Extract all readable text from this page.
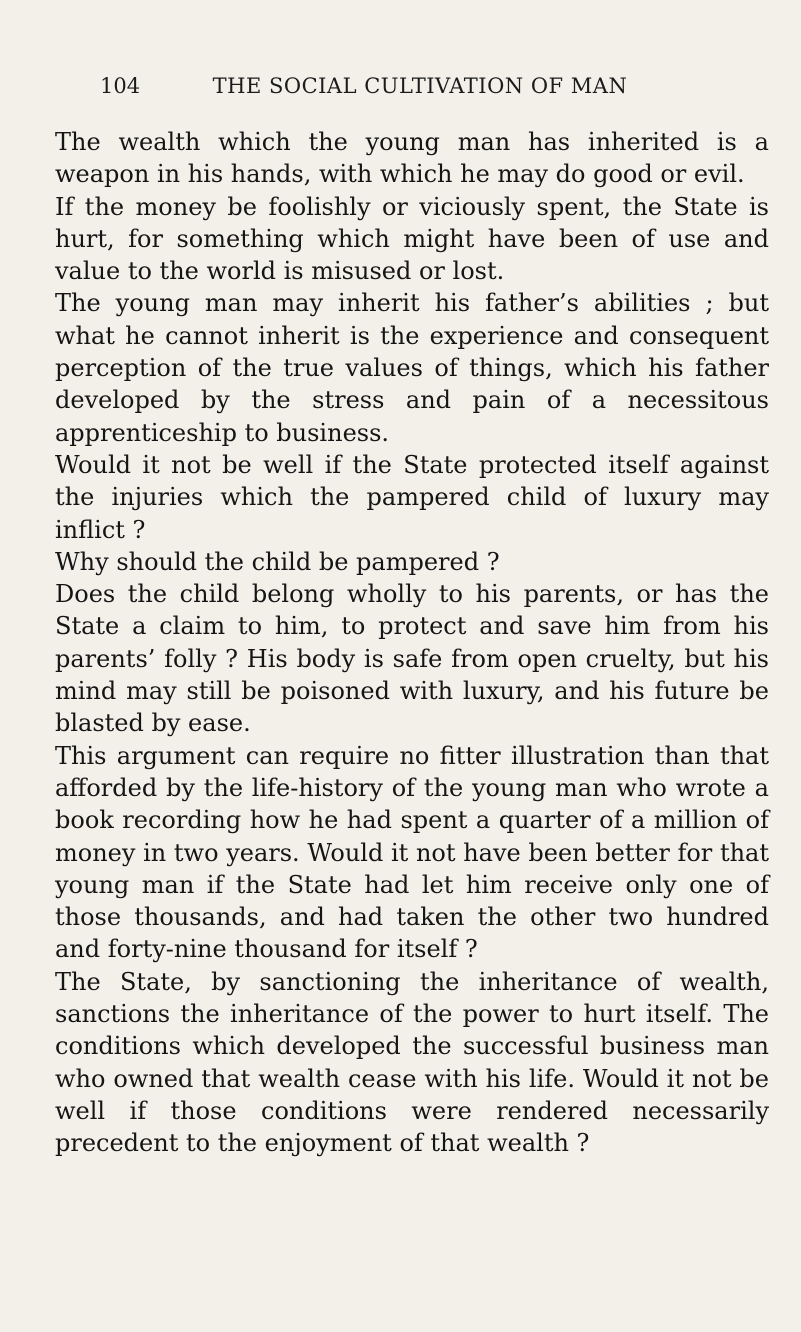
104	THE SOCIAL CULTIVATION OF MAN

The wealth which the young man has inherited is a weapon in his hands, with which he may do good or evil.

If the money be foolishly or viciously spent, the State is hurt, for something which might have been of use and value to the world is misused or lost.

The young man may inherit his father’s abilities ; but what he cannot inherit is the experience and consequent perception of the true values of things, which his father developed by the stress and pain of a necessitous apprenticeship to business.

Would it not be well if the State protected itself against the injuries which the pampered child of luxury may inflict ?

Why should the child be pampered ?

Does the child belong wholly to his parents, or has the State a claim to him, to protect and save him from his parents’ folly ? His body is safe from open cruelty, but his mind may still be poisoned with luxury, and his future be blasted by ease.

This argument can require no fitter illustration than that afforded by the life-history of the young man who wrote a book recording how he had spent a quarter of a million of money in two years. Would it not have been better for that young man if the State had let him receive only one of those thousands, and had taken the other two hundred and forty-nine thousand for itself ?

The State, by sanctioning the inheritance of wealth, sanctions the inheritance of the power to hurt itself. The conditions which developed the successful business man who owned that wealth cease with his life. Would it not be well if those conditions were rendered necessarily precedent to the enjoyment of that wealth ?
